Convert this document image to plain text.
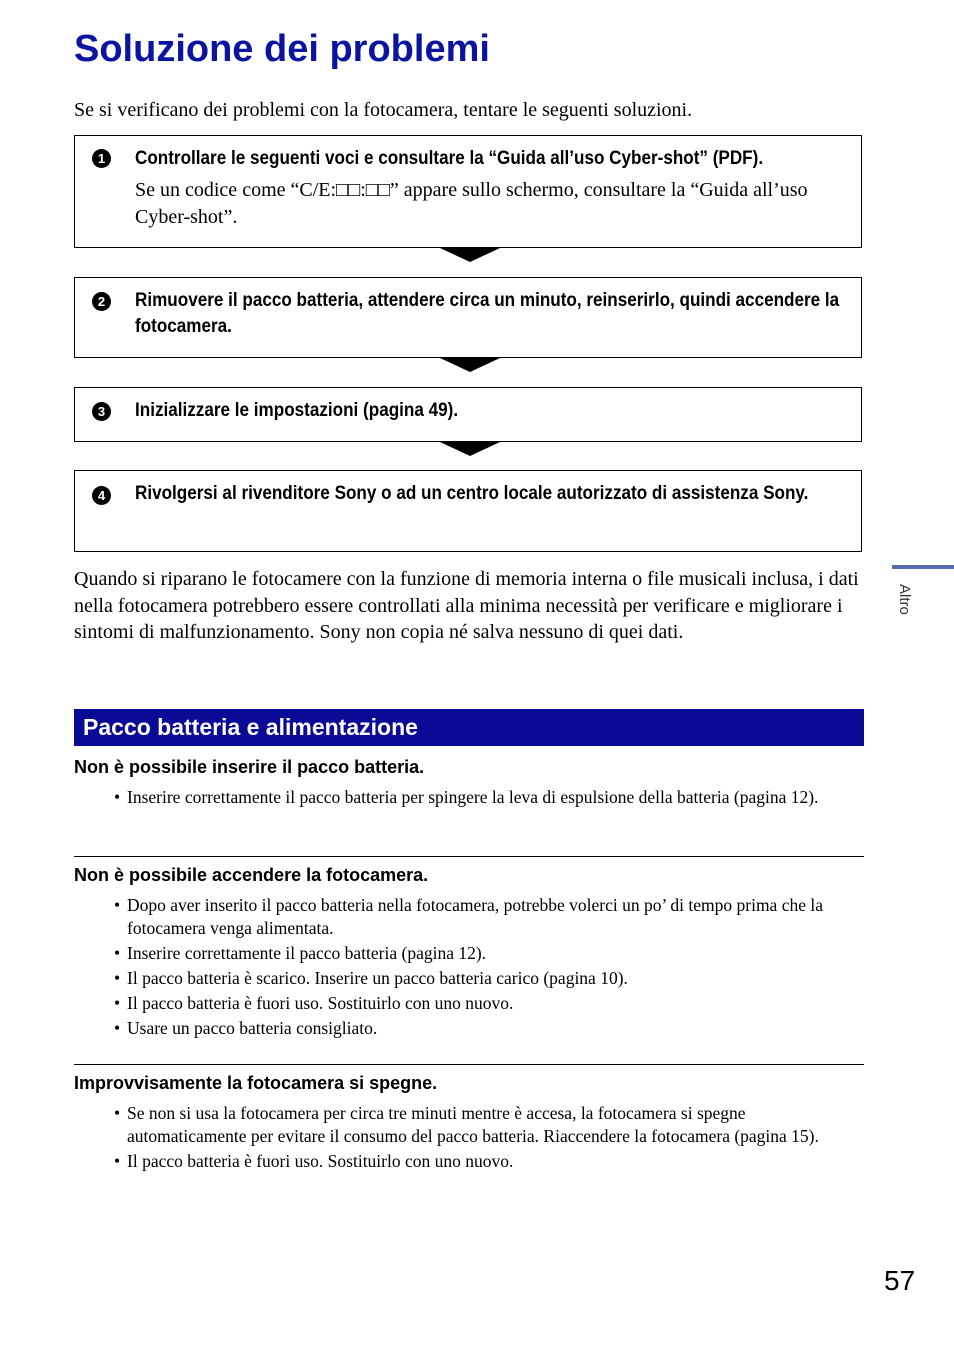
Soluzione dei problemi
Se si verificano dei problemi con la fotocamera, tentare le seguenti soluzioni.
1	Controllare le seguenti voci e consultare la “Guida all’uso Cyber-shot” (PDF).
Se un codice come “C/E:□□:□□” appare sullo schermo, consultare la “Guida all’uso Cyber-shot”.
2	Rimuovere il pacco batteria, attendere circa un minuto, reinserirlo, quindi accendere la fotocamera.
3	Inizializzare le impostazioni (pagina 49).
4	Rivolgersi al rivenditore Sony o ad un centro locale autorizzato di assistenza Sony.
Quando si riparano le fotocamere con la funzione di memoria interna o file musicali inclusa, i dati nella fotocamera potrebbero essere controllati alla minima necessità per verificare e migliorare i sintomi di malfunzionamento. Sony non copia né salva nessuno di quei dati.
Pacco batteria e alimentazione
Non è possibile inserire il pacco batteria.
• Inserire correttamente il pacco batteria per spingere la leva di espulsione della batteria (pagina 12).
Non è possibile accendere la fotocamera.
• Dopo aver inserito il pacco batteria nella fotocamera, potrebbe volerci un po’ di tempo prima che la fotocamera venga alimentata.
• Inserire correttamente il pacco batteria (pagina 12).
• Il pacco batteria è scarico. Inserire un pacco batteria carico (pagina 10).
• Il pacco batteria è fuori uso. Sostituirlo con uno nuovo.
• Usare un pacco batteria consigliato.
Improvvisamente la fotocamera si spegne.
• Se non si usa la fotocamera per circa tre minuti mentre è accesa, la fotocamera si spegne automaticamente per evitare il consumo del pacco batteria. Riaccendere la fotocamera (pagina 15).
• Il pacco batteria è fuori uso. Sostituirlo con uno nuovo.
Altro
57
